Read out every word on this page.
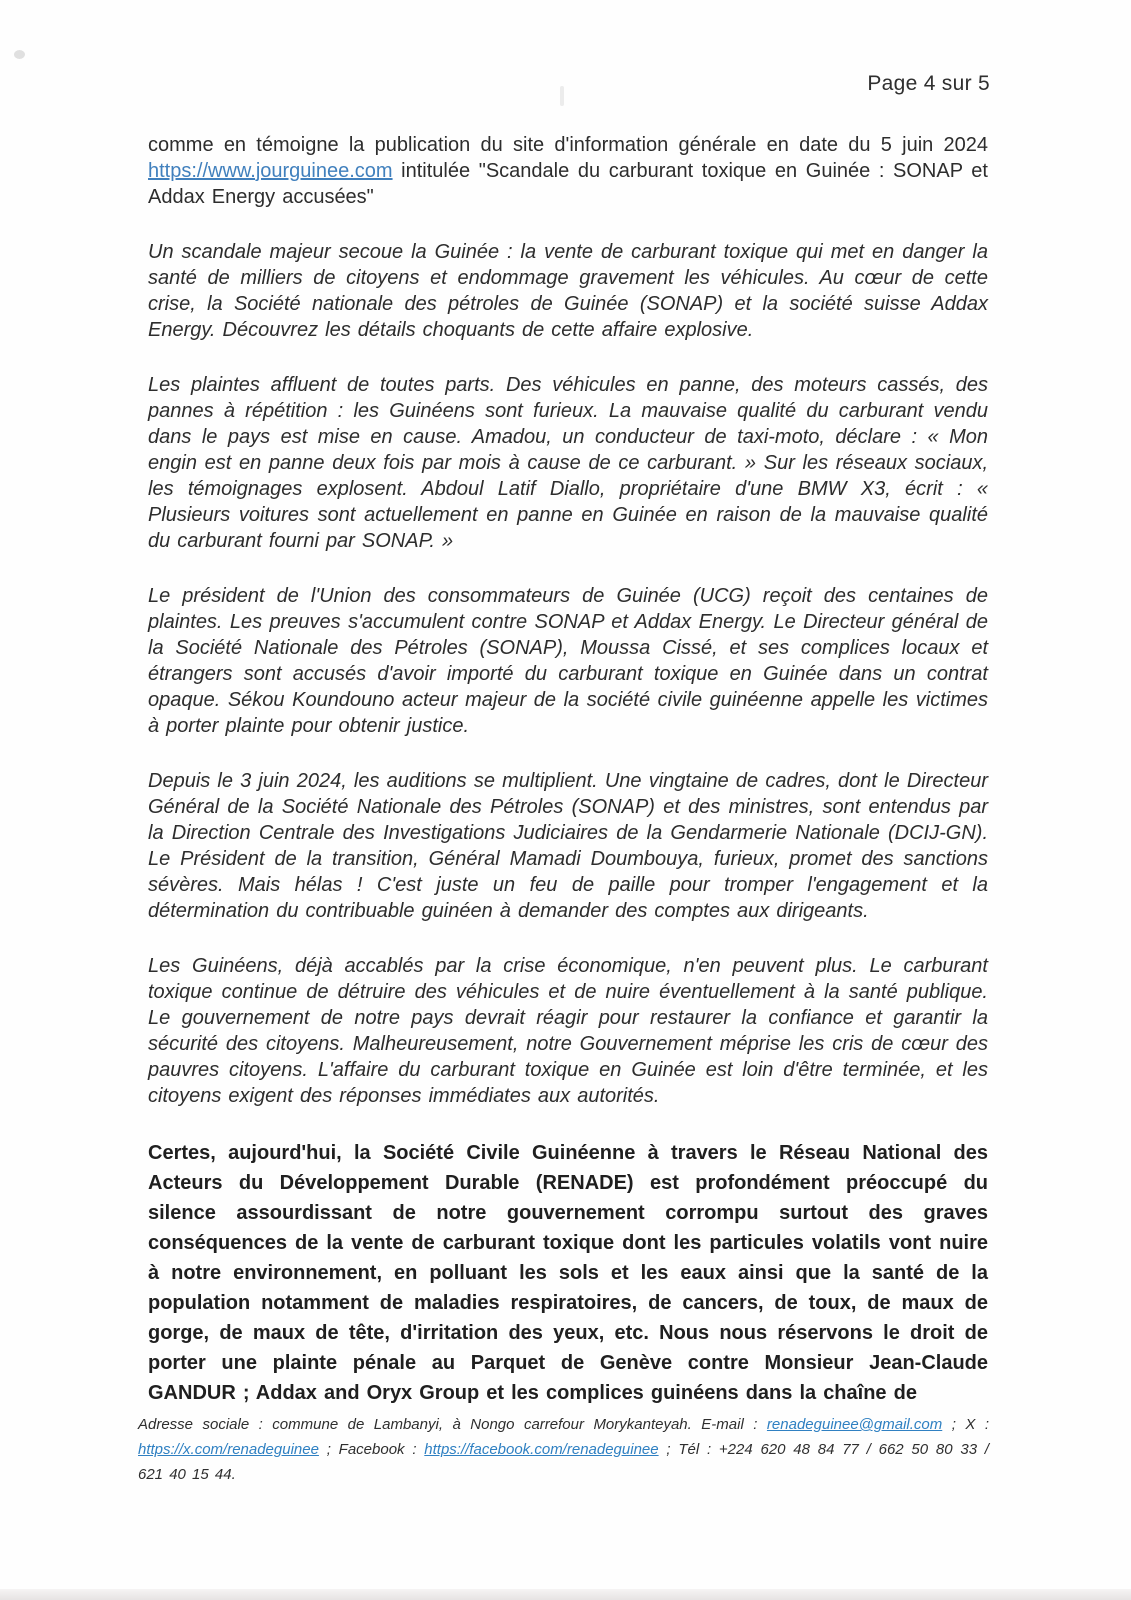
Page 4 sur 5

comme en témoigne la publication du site d'information générale en date du 5 juin 2024 https://www.jourguinee.com intitulée "Scandale du carburant toxique en Guinée : SONAP et Addax Energy accusées"

Un scandale majeur secoue la Guinée : la vente de carburant toxique qui met en danger la santé de milliers de citoyens et endommage gravement les véhicules. Au cœur de cette crise, la Société nationale des pétroles de Guinée (SONAP) et la société suisse Addax Energy. Découvrez les détails choquants de cette affaire explosive.

Les plaintes affluent de toutes parts. Des véhicules en panne, des moteurs cassés, des pannes à répétition : les Guinéens sont furieux. La mauvaise qualité du carburant vendu dans le pays est mise en cause. Amadou, un conducteur de taxi-moto, déclare : « Mon engin est en panne deux fois par mois à cause de ce carburant. » Sur les réseaux sociaux, les témoignages explosent. Abdoul Latif Diallo, propriétaire d'une BMW X3, écrit : « Plusieurs voitures sont actuellement en panne en Guinée en raison de la mauvaise qualité du carburant fourni par SONAP. »

Le président de l'Union des consommateurs de Guinée (UCG) reçoit des centaines de plaintes. Les preuves s'accumulent contre SONAP et Addax Energy. Le Directeur général de la Société Nationale des Pétroles (SONAP), Moussa Cissé, et ses complices locaux et étrangers sont accusés d'avoir importé du carburant toxique en Guinée dans un contrat opaque. Sékou Koundouno acteur majeur de la société civile guinéenne appelle les victimes à porter plainte pour obtenir justice.

Depuis le 3 juin 2024, les auditions se multiplient. Une vingtaine de cadres, dont le Directeur Général de la Société Nationale des Pétroles (SONAP) et des ministres, sont entendus par la Direction Centrale des Investigations Judiciaires de la Gendarmerie Nationale (DCIJ-GN). Le Président de la transition, Général Mamadi Doumbouya, furieux, promet des sanctions sévères. Mais hélas ! C'est juste un feu de paille pour tromper l'engagement et la détermination du contribuable guinéen à demander des comptes aux dirigeants.

Les Guinéens, déjà accablés par la crise économique, n'en peuvent plus. Le carburant toxique continue de détruire des véhicules et de nuire éventuellement à la santé publique. Le gouvernement de notre pays devrait réagir pour restaurer la confiance et garantir la sécurité des citoyens. Malheureusement, notre Gouvernement méprise les cris de cœur des pauvres citoyens. L'affaire du carburant toxique en Guinée est loin d'être terminée, et les citoyens exigent des réponses immédiates aux autorités.

Certes, aujourd'hui, la Société Civile Guinéenne à travers le Réseau National des Acteurs du Développement Durable (RENADE) est profondément préoccupé du silence assourdissant de notre gouvernement corrompu surtout des graves conséquences de la vente de carburant toxique dont les particules volatils vont nuire à notre environnement, en polluant les sols et les eaux ainsi que la santé de la population notamment de maladies respiratoires, de cancers, de toux, de maux de gorge, de maux de tête, d'irritation des yeux, etc. Nous nous réservons le droit de porter une plainte pénale au Parquet de Genève contre Monsieur Jean-Claude GANDUR ; Addax and Oryx Group et les complices guinéens dans la chaîne de

Adresse sociale : commune de Lambanyi, à Nongo carrefour Morykanteyah. E-mail : renadeguinee@gmail.com ; X : https://x.com/renadeguinee ; Facebook : https://facebook.com/renadeguinee ; Tél : +224 620 48 84 77 / 662 50 80 33 / 621 40 15 44.
